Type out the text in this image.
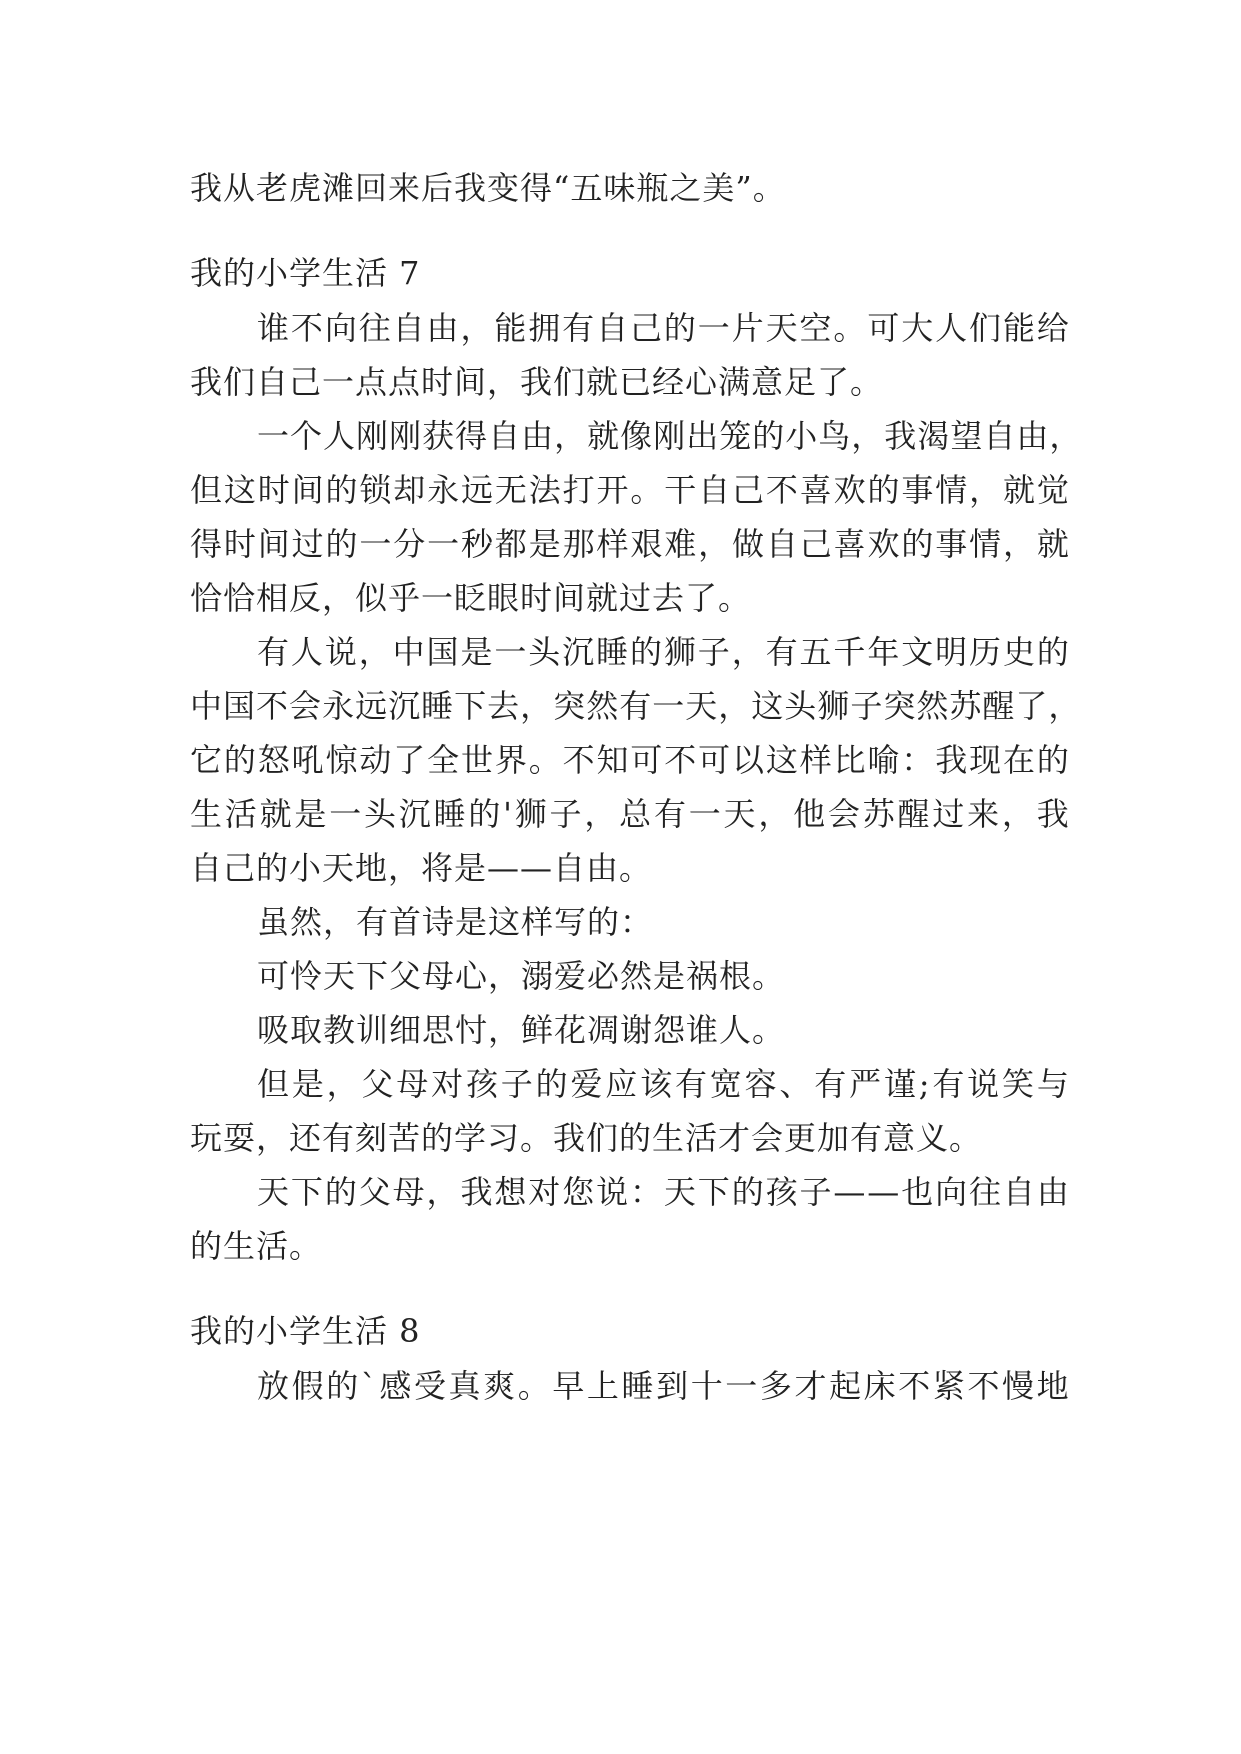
我从老虎滩回来后我变得“五味瓶之美”。
我的小学生活 7
谁 不 向 往 自 由 ， 能 拥 有 自 己 的 一 片 天 空 。 可 大 人 们 能 给
我们自己一点点时间，我们就已经心满意足了。
一 个 人 刚 刚 获 得 自 由 ， 就 像 刚 出 笼 的 小 鸟 ， 我 渴 望 自 由 ，
但 这 时 间 的 锁 却 永 远 无 法 打 开 。 干 自 己 不 喜 欢 的 事 情 ， 就 觉
得 时 间 过 的 一 分 一 秒 都 是 那 样 艰 难 ， 做 自 己 喜 欢 的 事 情 ， 就
恰恰相反，似乎一眨眼时间就过去了。
有 人 说 ， 中 国 是 一 头 沉 睡 的 狮 子 ， 有 五 千 年 文 明 历 史 的
中 国 不 会 永 远 沉 睡 下 去 ， 突 然 有 一 天 ， 这 头 狮 子 突 然 苏 醒 了 ，
它 的 怒 吼 惊 动 了 全 世 界 。 不 知 可 不 可 以 这 样 比 喻 ： 我 现 在 的
生 活 就 是 一 头 沉 睡 的 ' 狮 子 ， 总 有 一 天 ， 他 会 苏 醒 过 来 ， 我
自己的小天地，将是——自由。
虽然，有首诗是这样写的：
可怜天下父母心，溺爱必然是祸根。
吸取教训细思忖，鲜花凋谢怨谁人。
但 是 ， 父 母 对 孩 子 的 爱 应 该 有 宽 容 、 有 严 谨 ; 有 说 笑 与
玩耍，还有刻苦的学习。我们的生活才会更加有意义。
天 下 的 父 母 ， 我 想 对 您 说 ： 天 下 的 孩 子 — — 也 向 往 自 由
的生活。
我的小学生活 8
放 假 的 ` 感 受 真 爽 。 早 上 睡 到 十 一 多 才 起 床 不 紧 不 慢 地
